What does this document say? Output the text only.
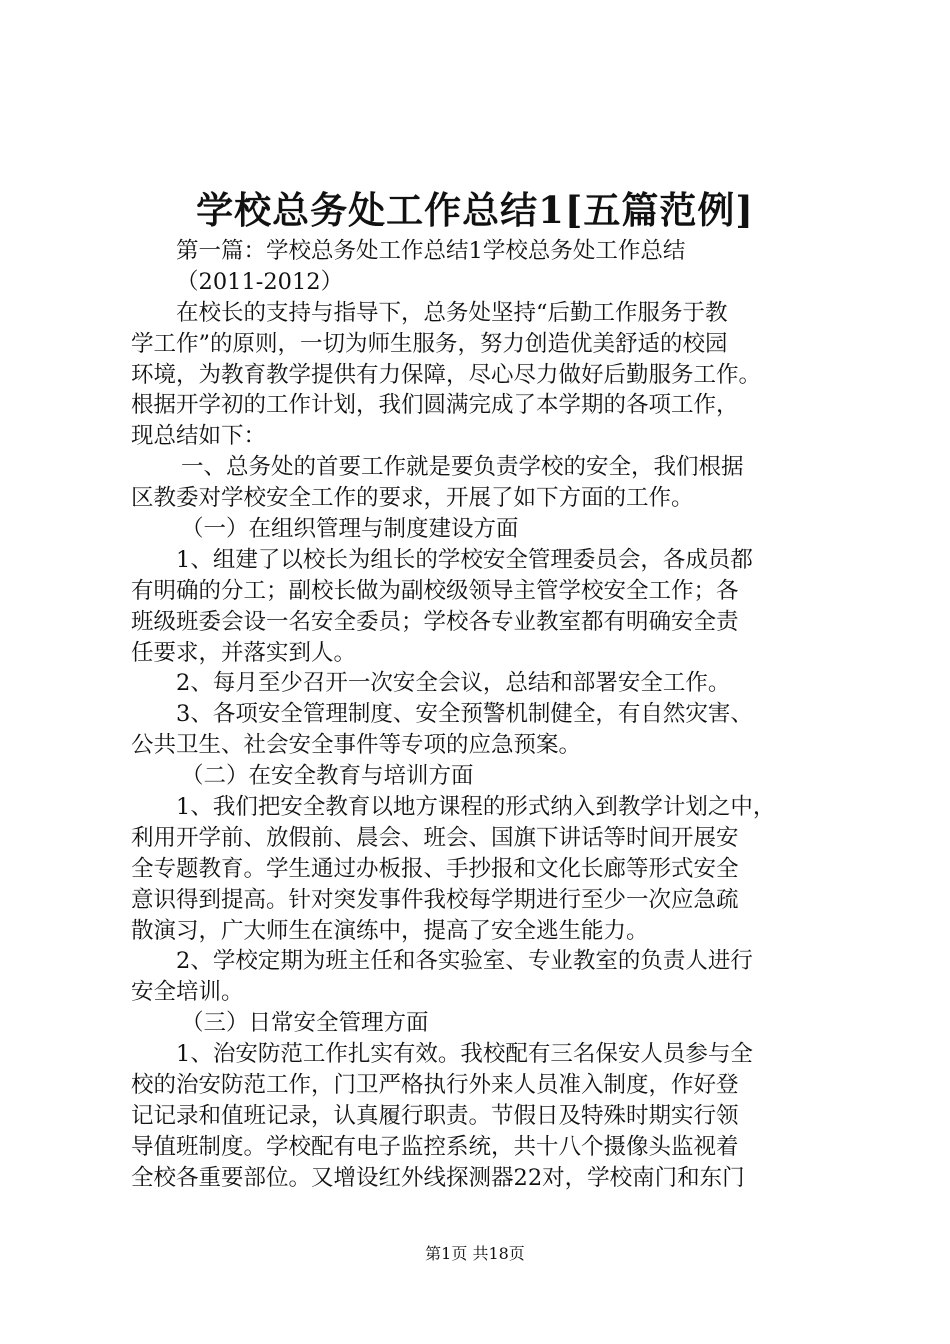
学校总务处工作总结1[五篇范例]
第一篇：学校总务处工作总结1学校总务处工作总结
（2011-2012）
在校长的支持与指导下，总务处坚持“后勤工作服务于教
学工作”的原则，一切为师生服务，努力创造优美舒适的校园
环境，为教育教学提供有力保障，尽心尽力做好后勤服务工作。
根据开学初的工作计划，我们圆满完成了本学期的各项工作，
现总结如下：
一、总务处的首要工作就是要负责学校的安全，我们根据
区教委对学校安全工作的要求，开展了如下方面的工作。
（一）在组织管理与制度建设方面
1、组建了以校长为组长的学校安全管理委员会，各成员都
有明确的分工；副校长做为副校级领导主管学校安全工作；各
班级班委会设一名安全委员；学校各专业教室都有明确安全责
任要求，并落实到人。
2、每月至少召开一次安全会议，总结和部署安全工作。
3、各项安全管理制度、安全预警机制健全，有自然灾害、
公共卫生、社会安全事件等专项的应急预案。
（二）在安全教育与培训方面
1、我们把安全教育以地方课程的形式纳入到教学计划之中，
利用开学前、放假前、晨会、班会、国旗下讲话等时间开展安
全专题教育。学生通过办板报、手抄报和文化长廊等形式安全
意识得到提高。针对突发事件我校每学期进行至少一次应急疏
散演习，广大师生在演练中，提高了安全逃生能力。
2、学校定期为班主任和各实验室、专业教室的负责人进行
安全培训。
（三）日常安全管理方面
1、治安防范工作扎实有效。我校配有三名保安人员参与全
校的治安防范工作，门卫严格执行外来人员准入制度，作好登
记记录和值班记录，认真履行职责。节假日及特殊时期实行领
导值班制度。学校配有电子监控系统，共十八个摄像头监视着
全校各重要部位。又增设红外线探测器22对，学校南门和东门
第1页 共18页
